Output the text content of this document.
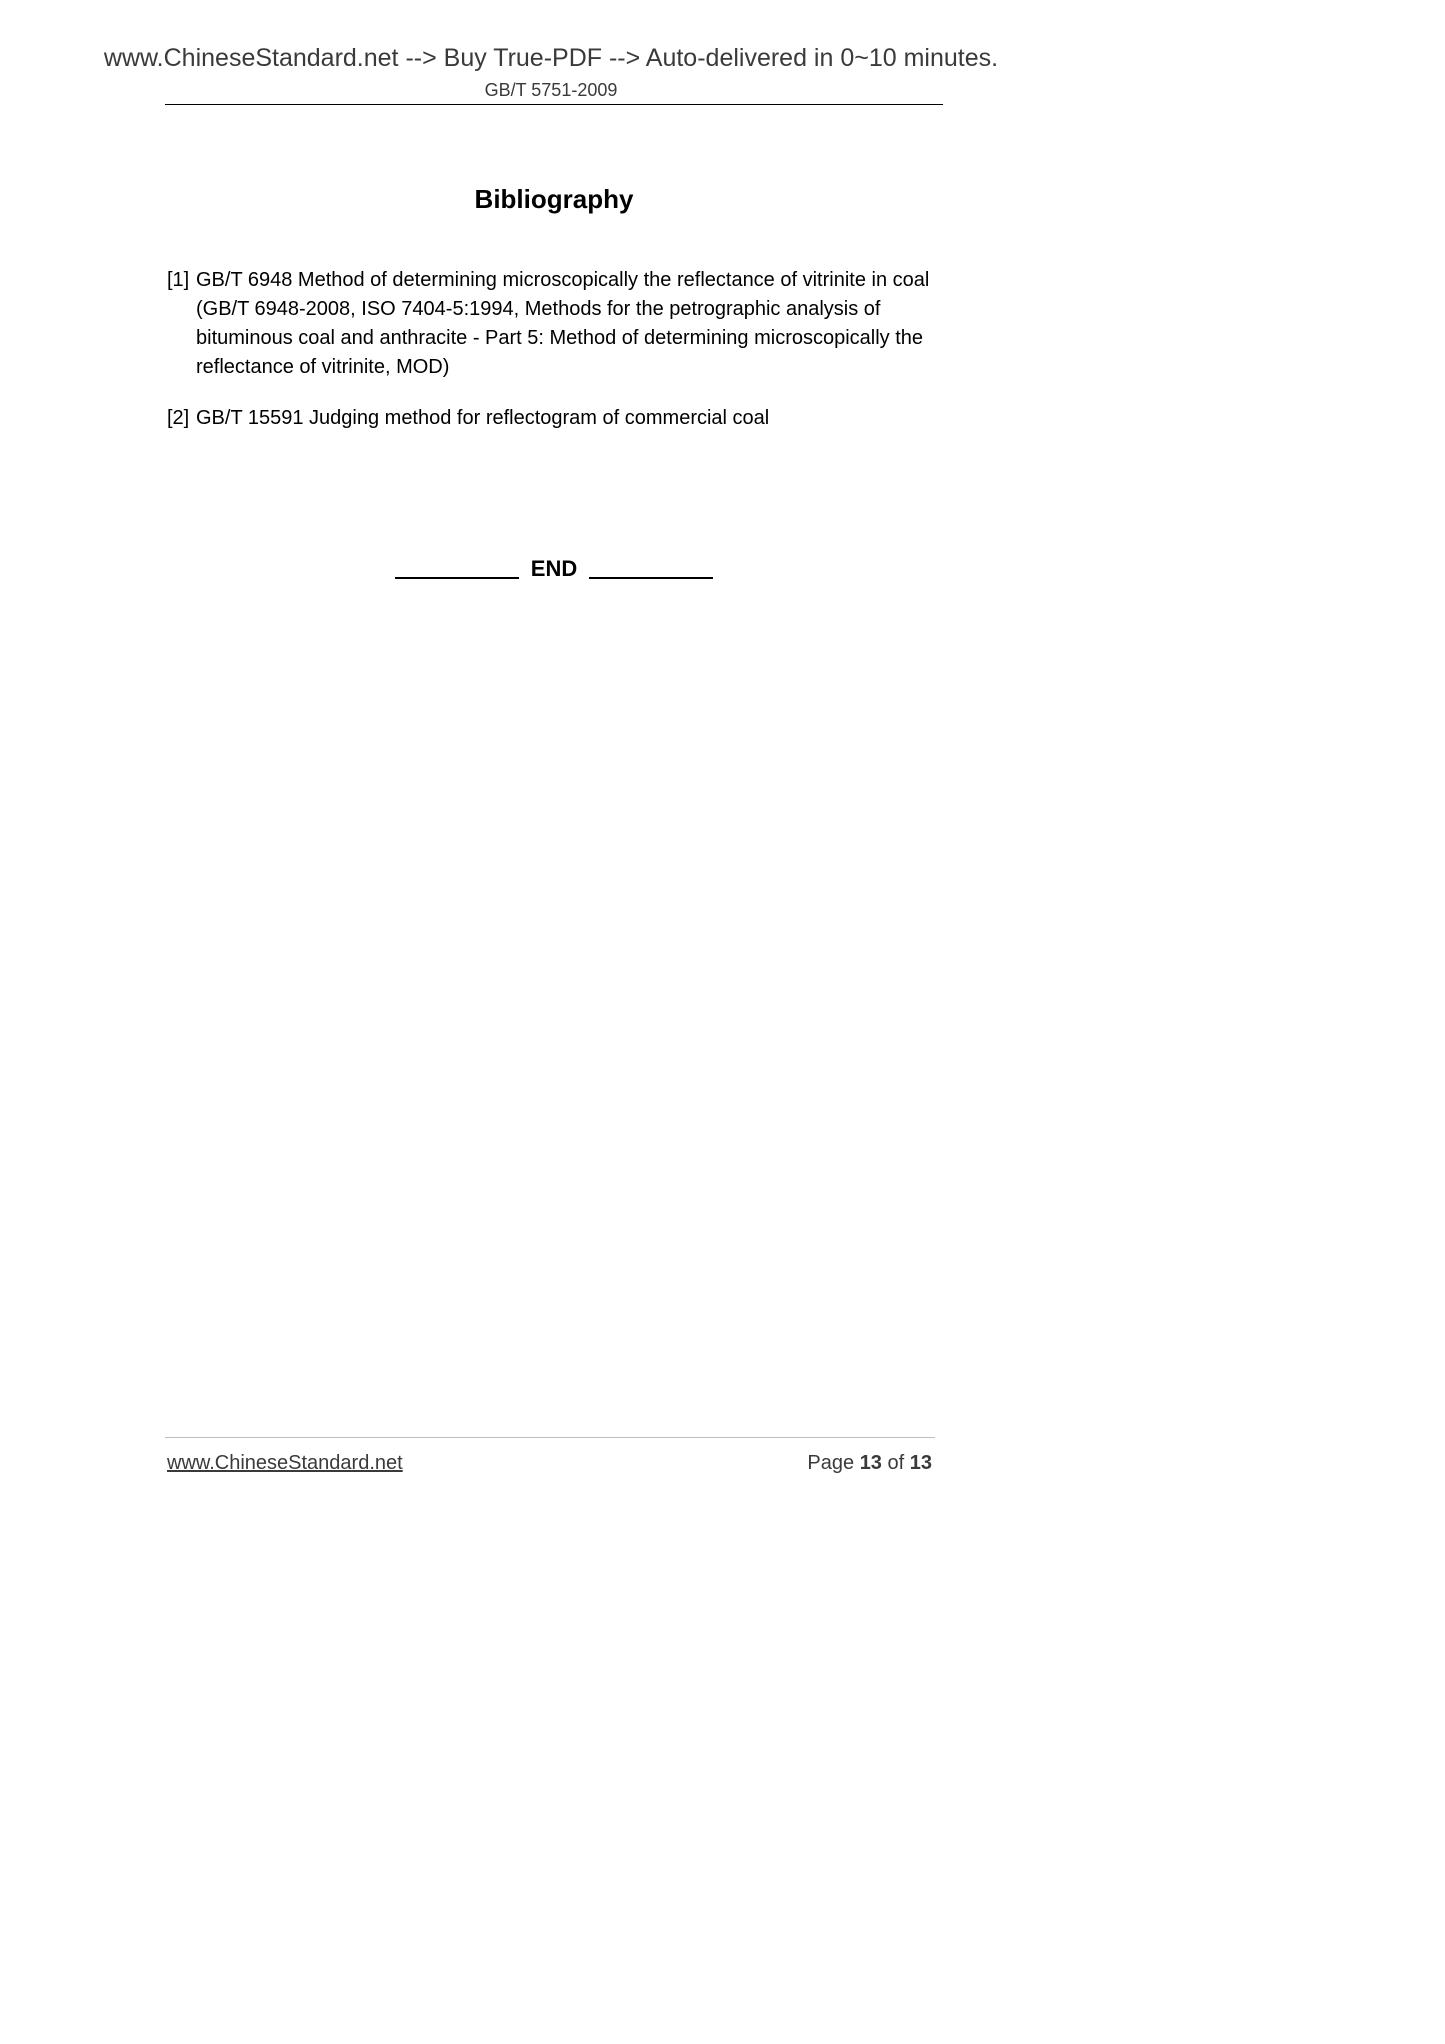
www.ChineseStandard.net --> Buy True-PDF --> Auto-delivered in 0~10 minutes.
GB/T 5751-2009
Bibliography
[1] GB/T 6948 Method of determining microscopically the reflectance of vitrinite in coal
(GB/T 6948-2008, ISO 7404-5:1994, Methods for the petrographic analysis of
bituminous coal and anthracite - Part 5: Method of determining microscopically the
reflectance of vitrinite, MOD)
[2] GB/T 15591 Judging method for reflectogram of commercial coal
END
www.ChineseStandard.net	Page 13 of 13
